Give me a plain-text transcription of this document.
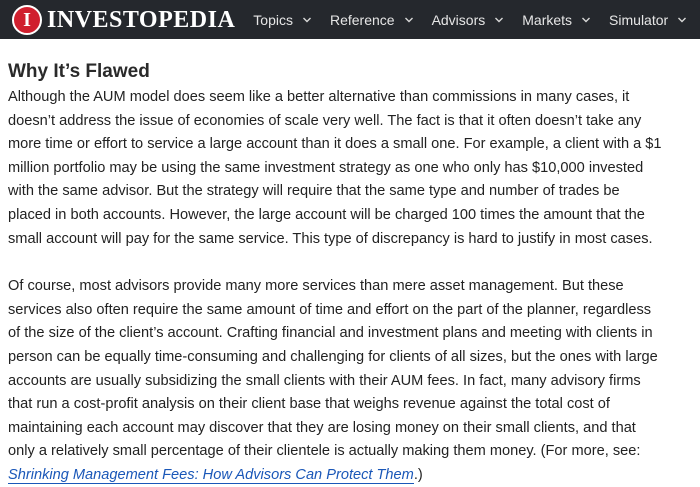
I INVESTOPEDIA Topics	Reference	Advisors	Markets	Simulator
Why It’s Flawed

Although the AUM model does seem like a better alternative than commissions in many cases, it
doesn’t address the issue of economies of scale very well. The fact is that it often doesn’t take any
more time or effort to service a large account than it does a small one. For example, a client with a $1
million portfolio may be using the same investment strategy as one who only has $10,000 invested
with the same advisor. But the strategy will require that the same type and number of trades be
placed in both accounts. However, the large account will be charged 100 times the amount that the
small account will pay for the same service. This type of discrepancy is hard to justify in most cases.

Of course, most advisors provide many more services than mere asset management. But these
services also often require the same amount of time and effort on the part of the planner, regardless
of the size of the client’s account. Crafting financial and investment plans and meeting with clients in
person can be equally time-consuming and challenging for clients of all sizes, but the ones with large
accounts are usually subsidizing the small clients with their AUM fees. In fact, many advisory firms
that run a cost-profit analysis on their client base that weighs revenue against the total cost of
maintaining each account may discover that they are losing money on their small clients, and that
only a relatively small percentage of their clientele is actually making them money. (For more, see:
Shrinking Management Fees: How Advisors Can Protect Them.)
